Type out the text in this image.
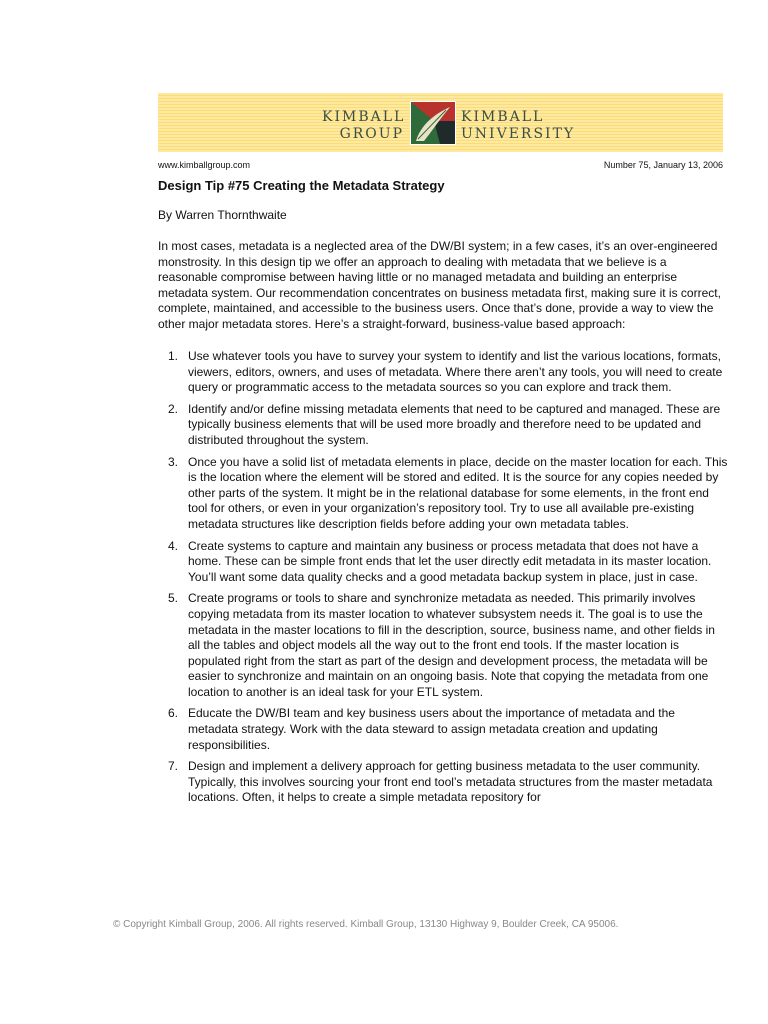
KIMBALL
GROUP
KIMBALL
UNIVERSITY
www.kimballgroup.com	Number 75, January 13, 2006
Design Tip #75 Creating the Metadata Strategy
By Warren Thornthwaite

In most cases, metadata is a neglected area of the DW/BI system; in a few cases, it’s an over-engineered monstrosity. In this design tip we offer an approach to dealing with metadata that we believe is a reasonable compromise between having little or no managed metadata and building an enterprise metadata system. Our recommendation concentrates on business metadata first, making sure it is correct, complete, maintained, and accessible to the business users. Once that’s done, provide a way to view the other major metadata stores. Here’s a straight-forward, business-value based approach:

1. Use whatever tools you have to survey your system to identify and list the various locations, formats, viewers, editors, owners, and uses of metadata. Where there aren’t any tools, you will need to create query or programmatic access to the metadata sources so you can explore and track them.
2. Identify and/or define missing metadata elements that need to be captured and managed. These are typically business elements that will be used more broadly and therefore need to be updated and distributed throughout the system.
3. Once you have a solid list of metadata elements in place, decide on the master location for each. This is the location where the element will be stored and edited. It is the source for any copies needed by other parts of the system. It might be in the relational database for some elements, in the front end tool for others, or even in your organization’s repository tool. Try to use all available pre-existing metadata structures like description fields before adding your own metadata tables.
4. Create systems to capture and maintain any business or process metadata that does not have a home. These can be simple front ends that let the user directly edit metadata in its master location. You’ll want some data quality checks and a good metadata backup system in place, just in case.
5. Create programs or tools to share and synchronize metadata as needed. This primarily involves copying metadata from its master location to whatever subsystem needs it. The goal is to use the metadata in the master locations to fill in the description, source, business name, and other fields in all the tables and object models all the way out to the front end tools. If the master location is populated right from the start as part of the design and development process, the metadata will be easier to synchronize and maintain on an ongoing basis. Note that copying the metadata from one location to another is an ideal task for your ETL system.
6. Educate the DW/BI team and key business users about the importance of metadata and the metadata strategy. Work with the data steward to assign metadata creation and updating responsibilities.
7. Design and implement a delivery approach for getting business metadata to the user community. Typically, this involves sourcing your front end tool’s metadata structures from the master metadata locations. Often, it helps to create a simple metadata repository for
© Copyright Kimball Group, 2006. All rights reserved. Kimball Group, 13130 Highway 9, Boulder Creek, CA 95006.
